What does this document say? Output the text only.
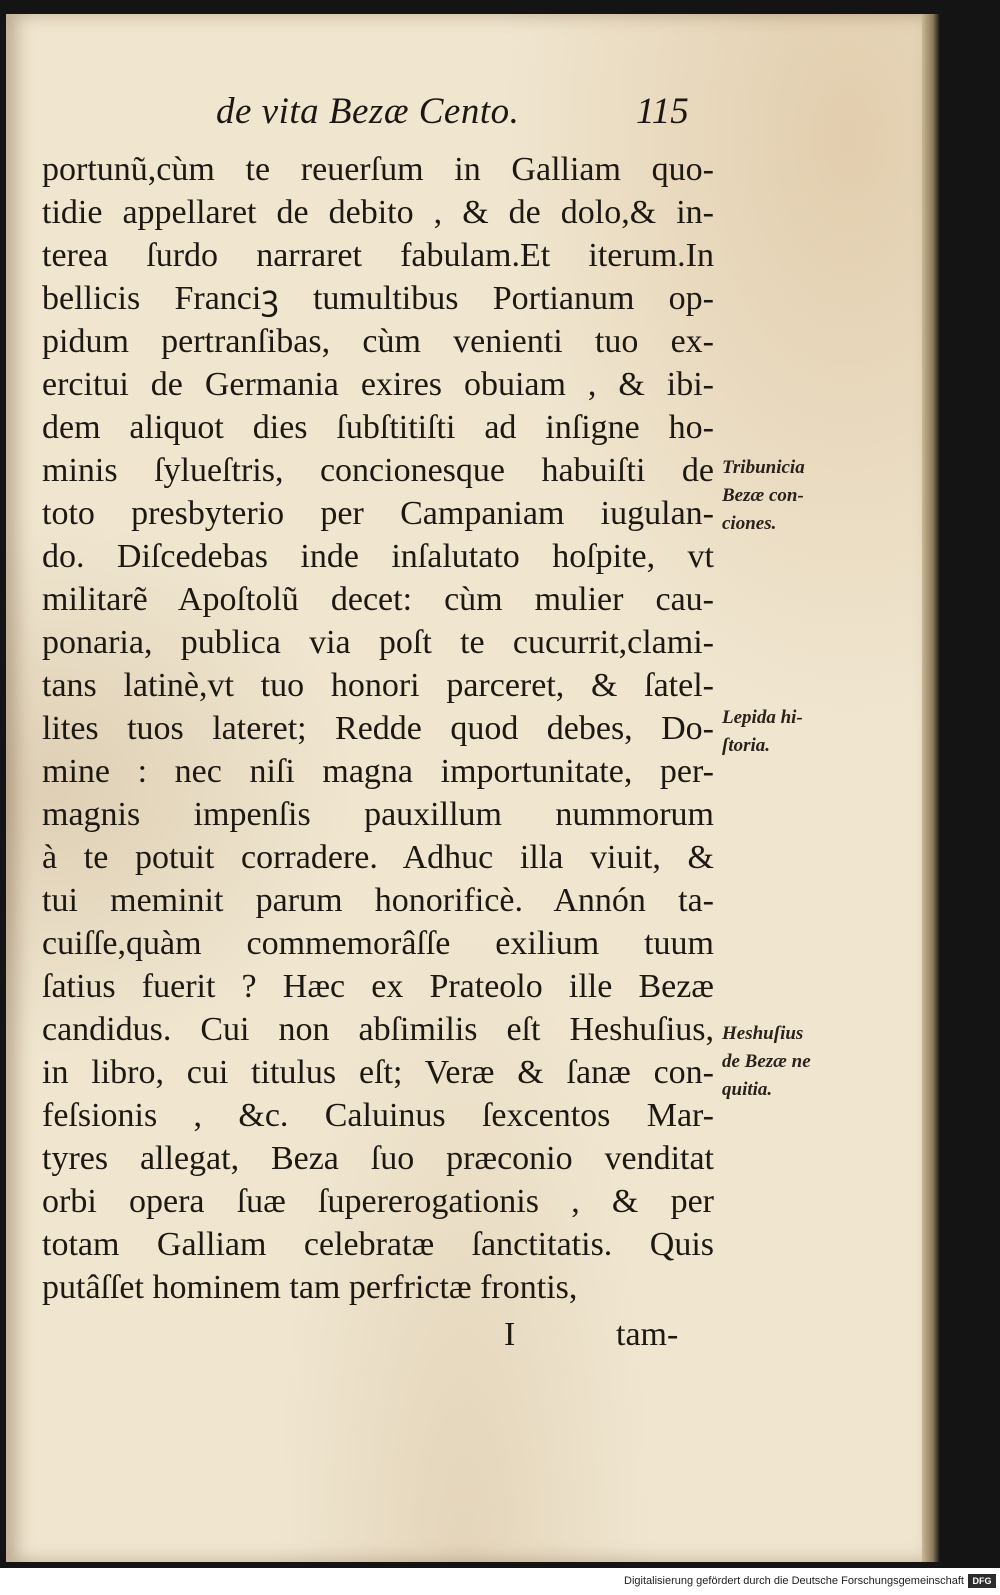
de vita Bezæ Cento.	115
portunũ,cùm te reuerſum in Galliam quo-
tidie appellaret de debito , & de dolo,& in-
terea ſurdo narraret fabulam.Et iterum.In
bellicis Franciꝫ tumultibus Portianum op-
pidum pertranſibas, cùm venienti tuo ex-
ercitui de Germania exires obuiam , & ibi-
dem aliquot dies ſubſtitiſti ad inſigne ho-
minis ſylueſtris, concionesque habuiſti de
toto presbyterio per Campaniam iugulan-
do. Diſcedebas inde inſalutato hoſpite, vt
militarẽ Apoſtolũ decet: cùm mulier cau-
ponaria, publica via poſt te cucurrit,clami-
tans latinè,vt tuo honori parceret, & ſatel-
lites tuos lateret; Redde quod debes, Do-
mine : nec niſi magna importunitate, per-
magnis impenſis pauxillum nummorum
à te potuit corradere. Adhuc illa viuit, &
tui meminit parum honorificè. Annón ta-
cuiſſe,quàm commemorâſſe exilium tuum
ſatius fuerit ? Hæc ex Prateolo ille Bezæ
candidus. Cui non abſimilis eſt Heshuſius,
in libro, cui titulus eſt; Veræ & ſanæ con-
feſsionis , &c. Caluinus ſexcentos Mar-
tyres allegat, Beza ſuo præconio venditat
orbi opera ſuæ ſupererogationis , & per
totam Galliam celebratæ ſanctitatis. Quis
putâſſet hominem tam perfrictæ frontis,
Tribunicia
Bezæ con-
ciones.
Lepida hi-
ſtoria.
Heshuſius
de Bezæ ne
quitia.
I	tam-
Digitalisierung gefördert durch die Deutsche Forschungsgemeinschaft DFG
